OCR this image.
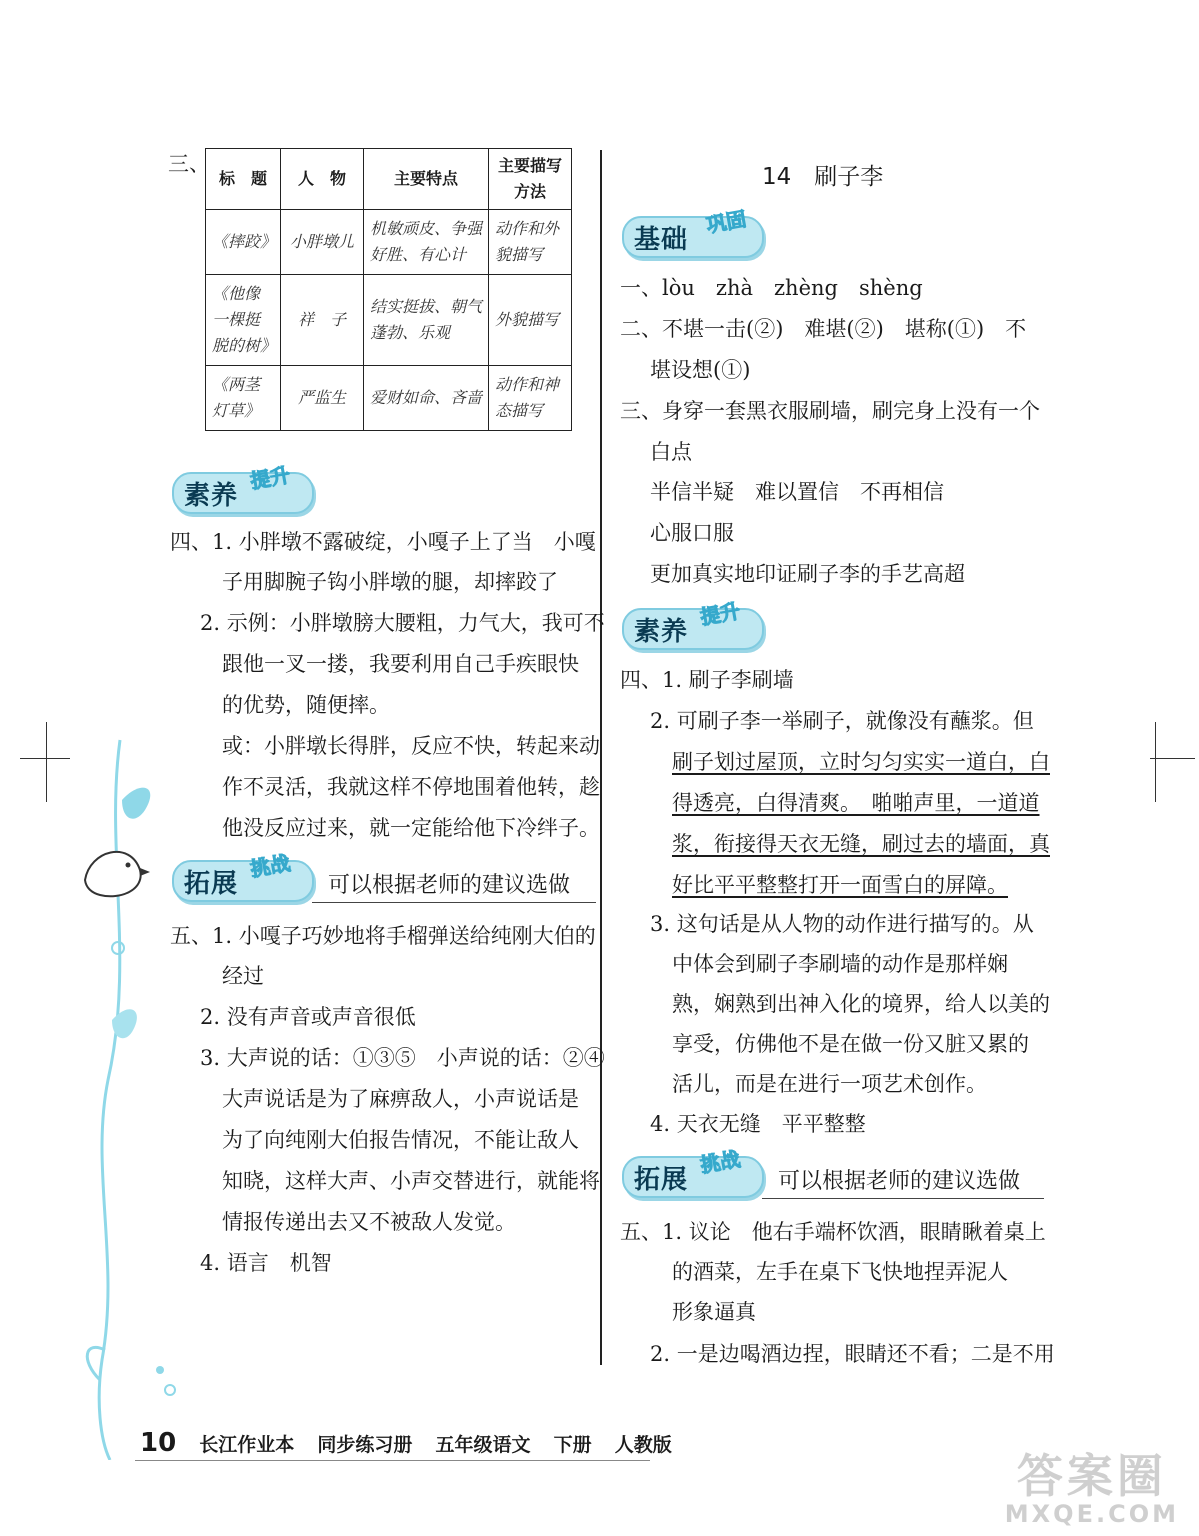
三、
标　题	人　物	主要特点	主要描写方法
《摔跤》	小胖墩儿	机敏顽皮、争强好胜、有心计	动作和外貌描写
《他像一棵挺脱的树》	祥　子	结实挺拔、朝气蓬勃、乐观	外貌描写
《两茎灯草》	严监生	爱财如命、吝啬	动作和神态描写
素养
提升
四、1. 小胖墩不露破绽，小嘎子上了当　小嘎
子用脚腕子钩小胖墩的腿，却摔跤了
2. 示例：小胖墩膀大腰粗，力气大，我可不
跟他一叉一搂，我要利用自己手疾眼快
的优势，随便摔。
或：小胖墩长得胖，反应不快，转起来动
作不灵活，我就这样不停地围着他转，趁
他没反应过来，就一定能给他下冷绊子。
拓展
挑战
可以根据老师的建议选做
五、1. 小嘎子巧妙地将手榴弹送给纯刚大伯的
经过
2. 没有声音或声音很低
3. 大声说的话：①③⑤　小声说的话：②④
大声说话是为了麻痹敌人，小声说话是
为了向纯刚大伯报告情况，不能让敌人
知晓，这样大声、小声交替进行，就能将
情报传递出去又不被敌人发觉。
4. 语言　机智
14　刷子李
基础
巩固
一、lòu　zhà　zhèng　shèng
二、不堪一击(②)　难堪(②)　堪称(①)　不
堪设想(①)
三、身穿一套黑衣服刷墙，刷完身上没有一个
白点
半信半疑　难以置信　不再相信
心服口服
更加真实地印证刷子李的手艺高超
素养
提升
四、1. 刷子李刷墙
2. 可刷子李一举刷子，就像没有蘸浆。但
刷子划过屋顶，立时匀匀实实一道白，白
得透亮，白得清爽。　啪啪声里，一道道
浆，衔接得天衣无缝，刷过去的墙面，真
好比平平整整打开一面雪白的屏障。
3. 这句话是从人物的动作进行描写的。从
中体会到刷子李刷墙的动作是那样娴
熟，娴熟到出神入化的境界，给人以美的
享受，仿佛他不是在做一份又脏又累的
活儿，而是在进行一项艺术创作。
4. 天衣无缝　平平整整
拓展
挑战
可以根据老师的建议选做
五、1. 议论　他右手端杯饮酒，眼睛瞅着桌上
的酒菜，左手在桌下飞快地捏弄泥人
形象逼真
2. 一是边喝酒边捏，眼睛还不看；二是不用
10 长江作业本 同步练习册 五年级语文 下册 人教版
答案圈
MXQE.COM
